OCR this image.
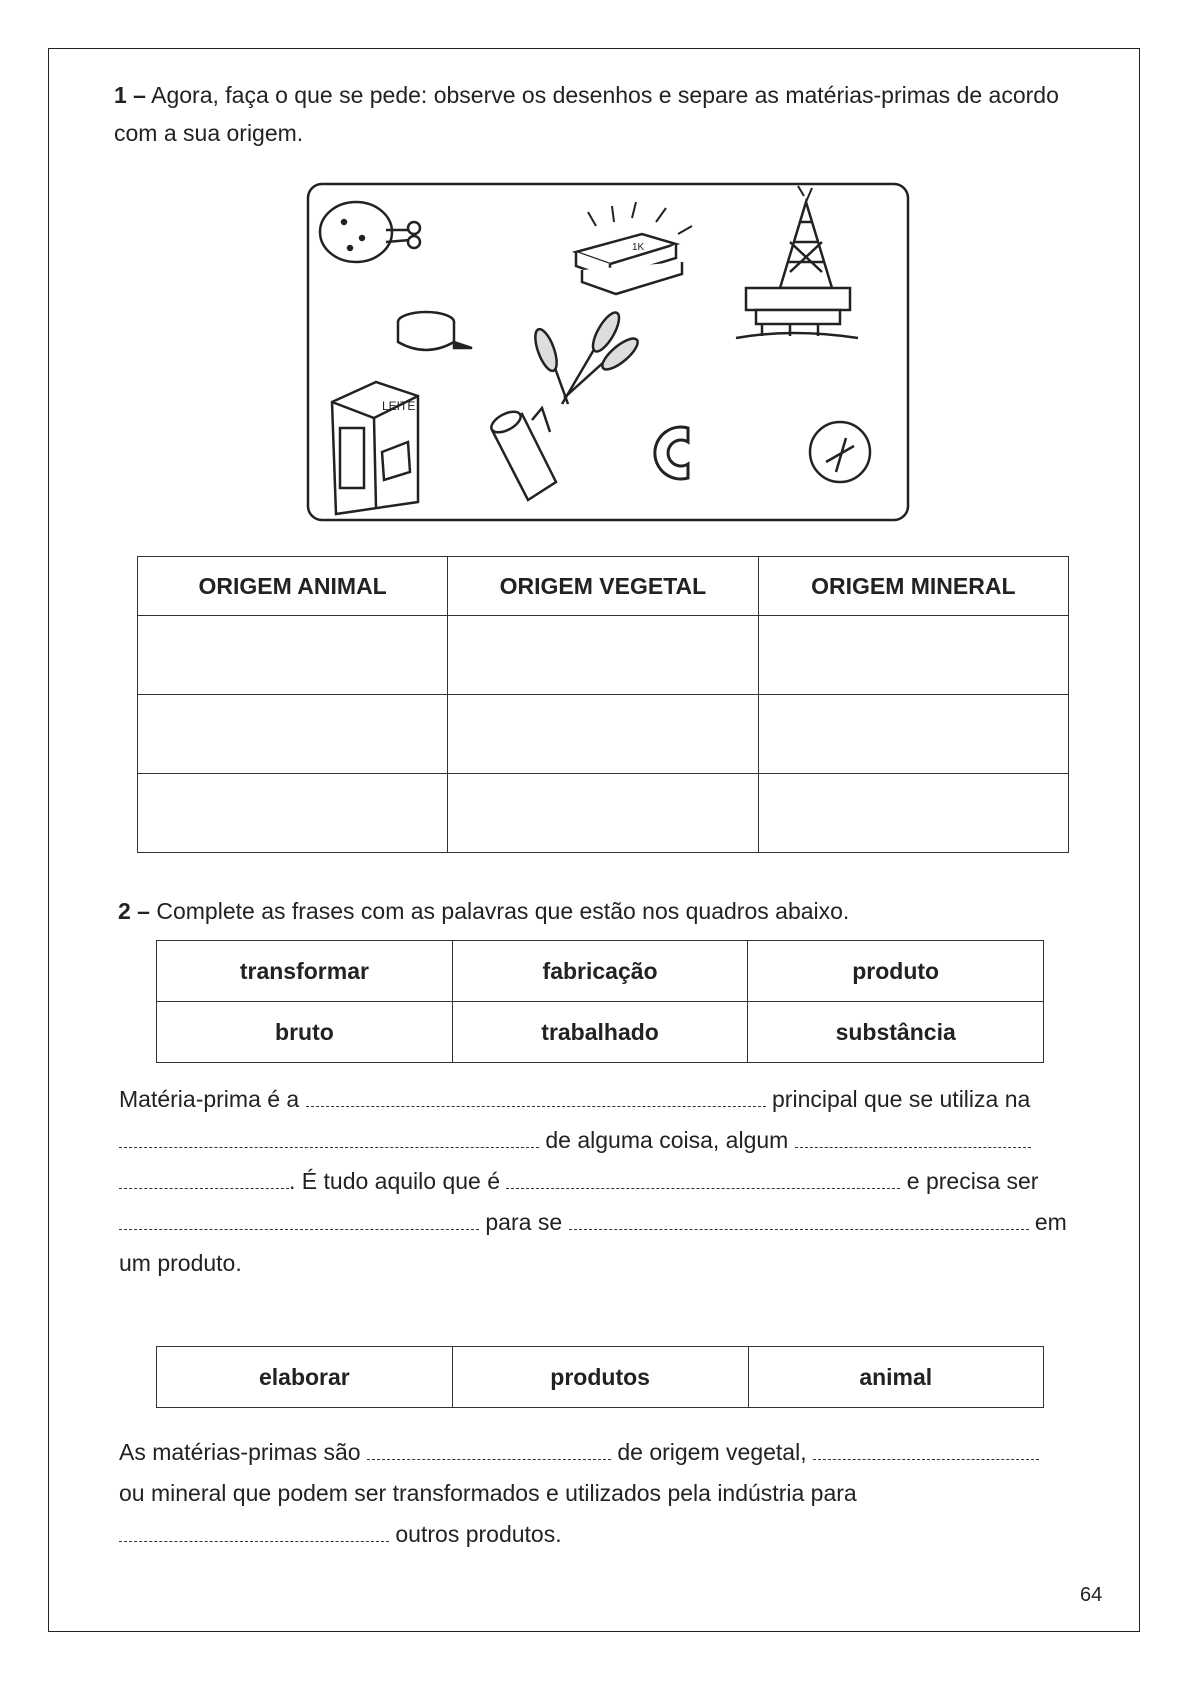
1 – Agora, faça o que se pede: observe os desenhos e separe as matérias-primas de acordo com a sua origem.
LEITE
1K
ORIGEM ANIMAL	ORIGEM VEGETAL	ORIGEM MINERAL

2 – Complete as frases com as palavras que estão nos quadros abaixo.
transformar	fabricação	produto
bruto	trabalhado	substância
Matéria-prima é a	principal que se utiliza na
de alguma coisa, algum
. É tudo aquilo que é	e precisa ser
para se	em
um produto.
elaborar	produtos	animal
As matérias-primas são	de origem vegetal,
ou mineral que podem ser transformados e utilizados pela indústria para
outros produtos.
64
